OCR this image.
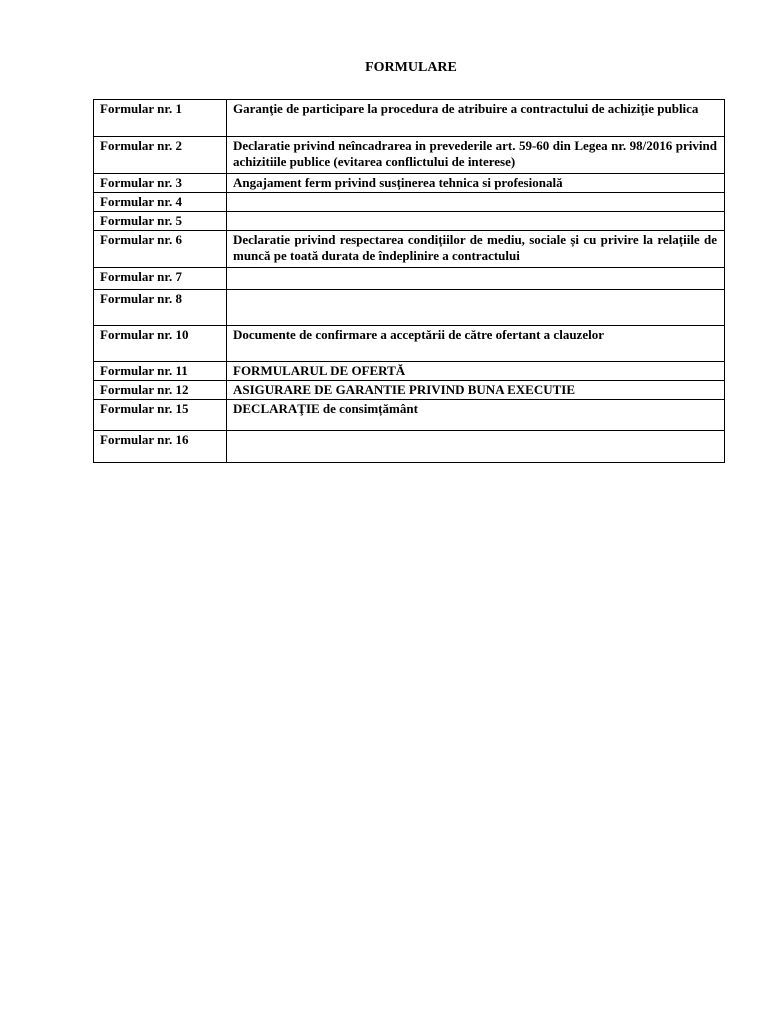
FORMULARE
Formular nr. 1	Garanţie de participare la procedura de atribuire a contractului de achiziție publica
Formular nr. 2	Declaratie privind neîncadrarea in prevederile art. 59-60 din Legea nr. 98/2016 privind achizitiile publice (evitarea conflictului de interese)
Formular nr. 3	Angajament ferm privind susținerea tehnica si profesională
Formular nr. 4	
Formular nr. 5	
Formular nr. 6	Declaratie privind respectarea condițiilor de mediu, sociale și cu privire la relațiile de muncă pe toată durata de îndeplinire a contractului
Formular nr. 7	
Formular nr. 8	
Formular nr. 10	Documente de confirmare a acceptării de către ofertant a clauzelor
Formular nr. 11	FORMULARUL DE OFERTĂ
Formular nr. 12	ASIGURARE DE GARANTIE PRIVIND BUNA EXECUTIE
Formular nr. 15	DECLARAŢIE de consimțământ
Formular nr. 16	
